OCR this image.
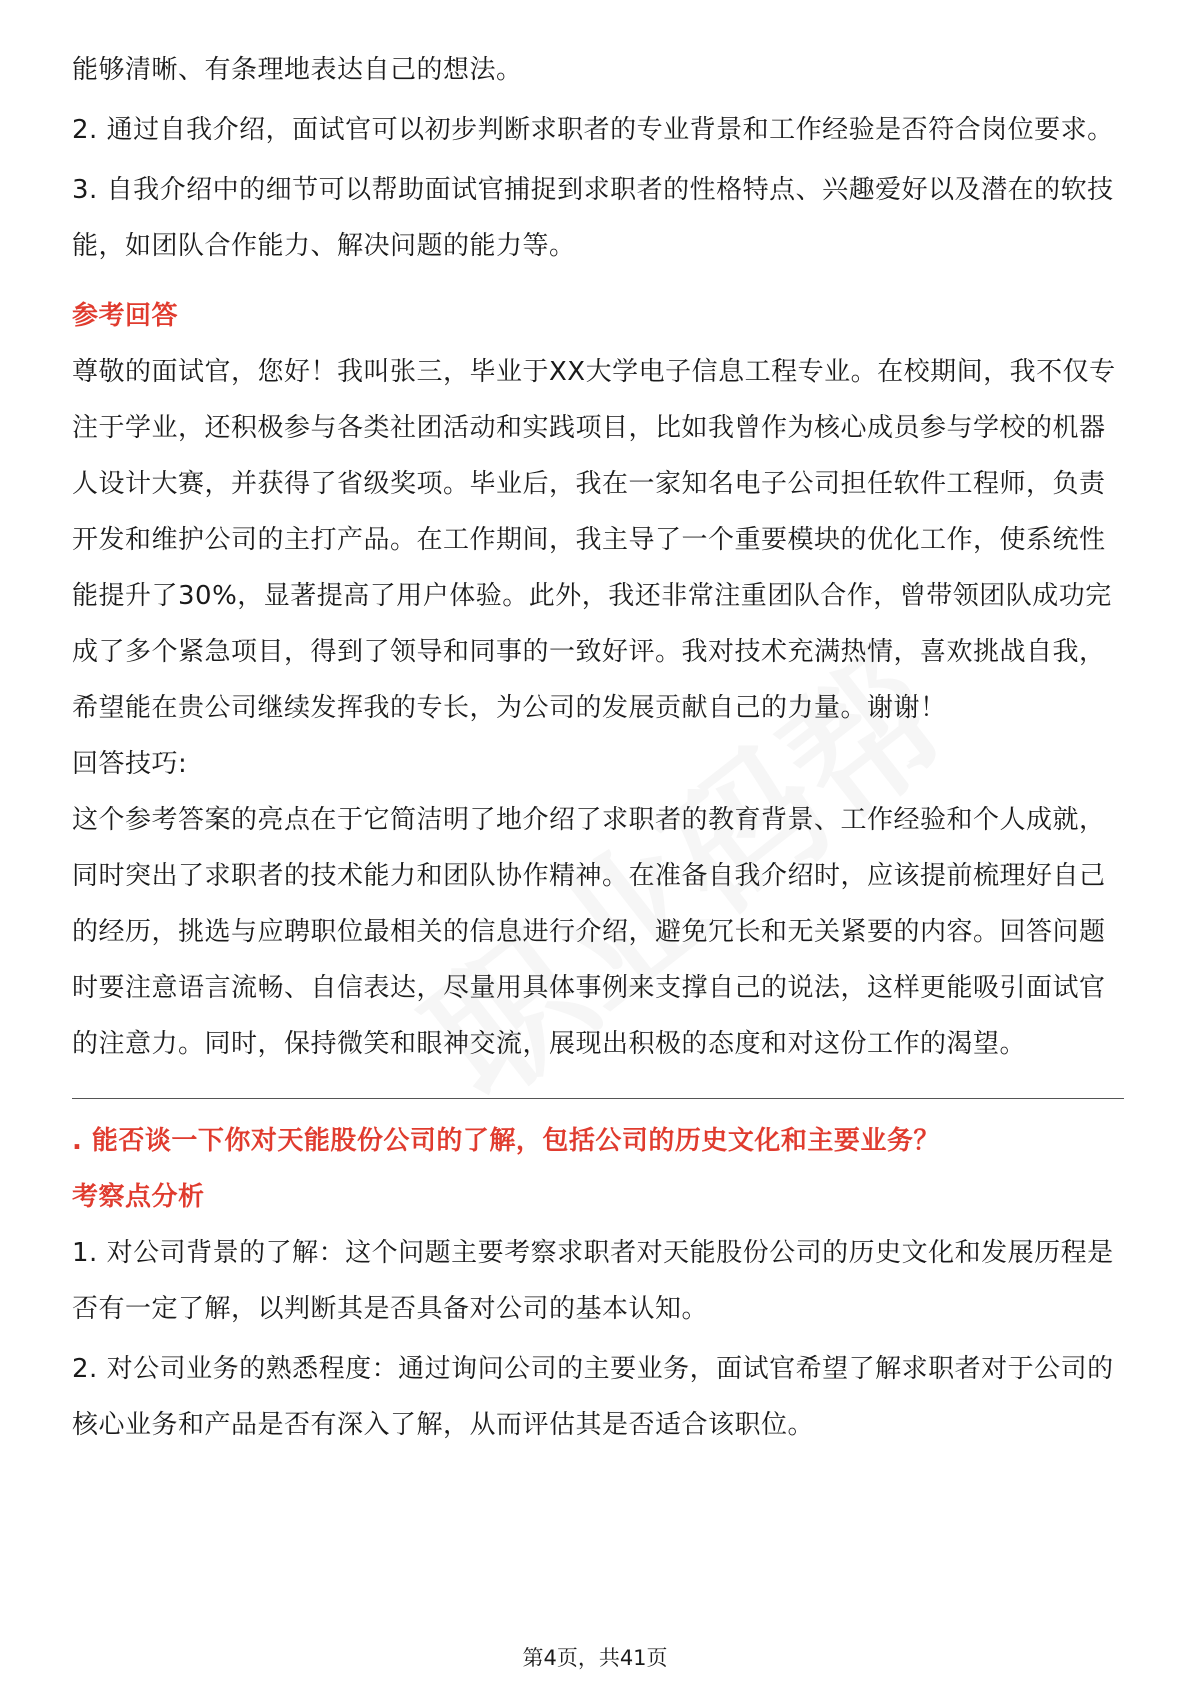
能够清晰、有条理地表达自己的想法。

2. 通过自我介绍，面试官可以初步判断求职者的专业背景和工作经验是否符合岗位要求。

3. 自我介绍中的细节可以帮助面试官捕捉到求职者的性格特点、兴趣爱好以及潜在的软技能，如团队合作能力、解决问题的能力等。

参考回答

尊敬的面试官，您好！我叫张三，毕业于XX大学电子信息工程专业。在校期间，我不仅专注于学业，还积极参与各类社团活动和实践项目，比如我曾作为核心成员参与学校的机器人设计大赛，并获得了省级奖项。毕业后，我在一家知名电子公司担任软件工程师，负责开发和维护公司的主打产品。在工作期间，我主导了一个重要模块的优化工作，使系统性能提升了30%，显著提高了用户体验。此外，我还非常注重团队合作，曾带领团队成功完成了多个紧急项目，得到了领导和同事的一致好评。我对技术充满热情，喜欢挑战自我，希望能在贵公司继续发挥我的专长，为公司的发展贡献自己的力量。谢谢！

回答技巧:

这个参考答案的亮点在于它简洁明了地介绍了求职者的教育背景、工作经验和个人成就，同时突出了求职者的技术能力和团队协作精神。在准备自我介绍时，应该提前梳理好自己的经历，挑选与应聘职位最相关的信息进行介绍，避免冗长和无关紧要的内容。回答问题时要注意语言流畅、自信表达，尽量用具体事例来支撑自己的说法，这样更能吸引面试官的注意力。同时，保持微笑和眼神交流，展现出积极的态度和对这份工作的渴望。

. 能否谈一下你对天能股份公司的了解，包括公司的历史文化和主要业务？
考察点分析

1. 对公司背景的了解：这个问题主要考察求职者对天能股份公司的历史文化和发展历程是否有一定了解，以判断其是否具备对公司的基本认知。

2. 对公司业务的熟悉程度：通过询问公司的主要业务，面试官希望了解求职者对于公司的核心业务和产品是否有深入了解，从而评估其是否适合该职位。

第4页，共41页
